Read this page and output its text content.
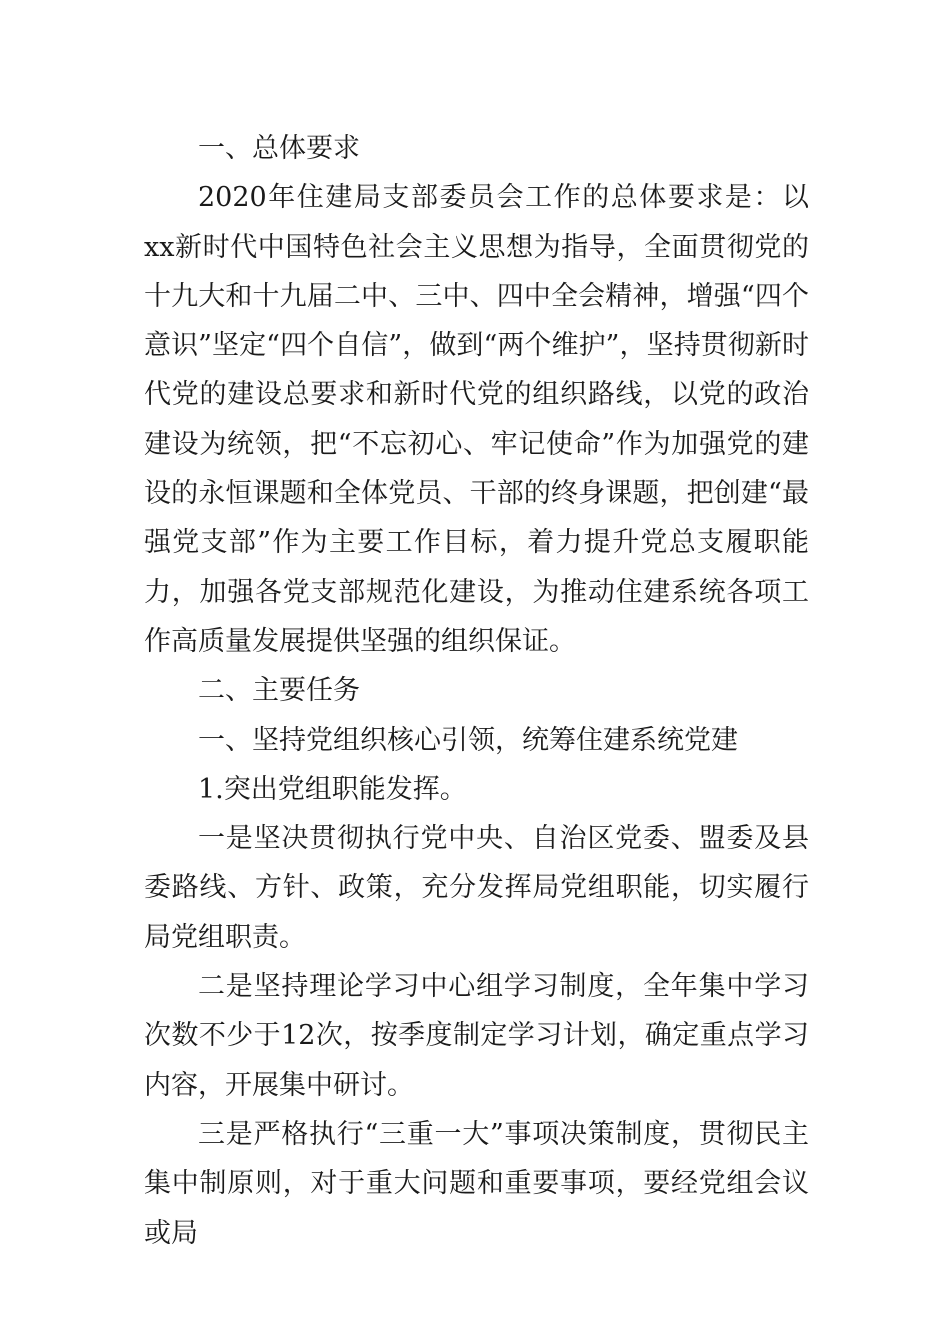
一、总体要求

2020年住建局支部委员会工作的总体要求是：以xx新时代中国特色社会主义思想为指导，全面贯彻党的十九大和十九届二中、三中、四中全会精神，增强“四个意识”坚定“四个自信”，做到“两个维护”，坚持贯彻新时代党的建设总要求和新时代党的组织路线，以党的政治建设为统领，把“不忘初心、牢记使命”作为加强党的建设的永恒课题和全体党员、干部的终身课题，把创建“最强党支部”作为主要工作目标，着力提升党总支履职能力，加强各党支部规范化建设，为推动住建系统各项工作高质量发展提供坚强的组织保证。

二、主要任务

一、坚持党组织核心引领，统筹住建系统党建

1.突出党组职能发挥。

一是坚决贯彻执行党中央、自治区党委、盟委及县委路线、方针、政策，充分发挥局党组职能，切实履行局党组职责。

二是坚持理论学习中心组学习制度，全年集中学习次数不少于12次，按季度制定学习计划，确定重点学习内容，开展集中研讨。

三是严格执行“三重一大”事项决策制度，贯彻民主集中制原则，对于重大问题和重要事项，要经党组会议或局
